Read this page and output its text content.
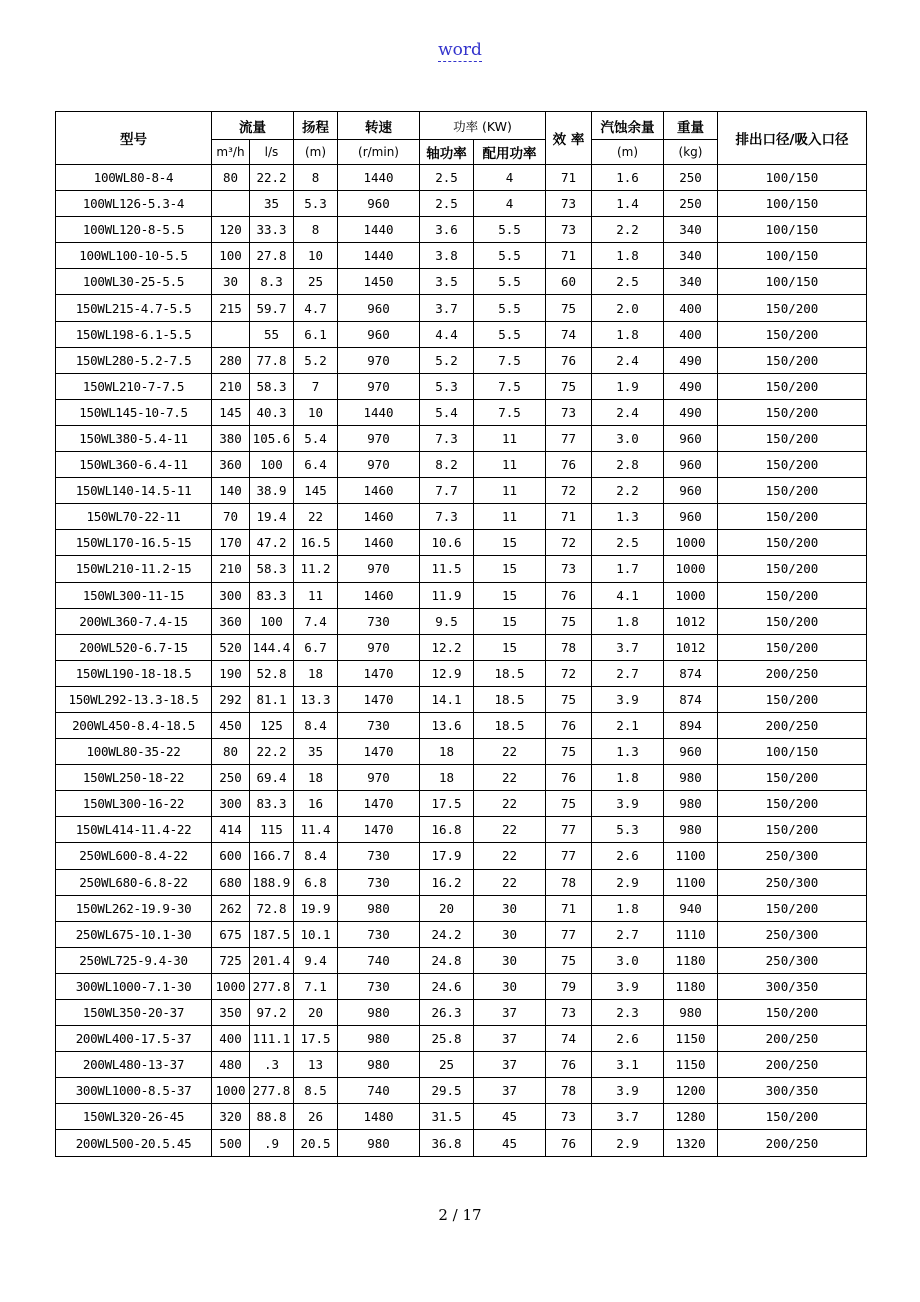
word
型号	流量		扬程	转速	功率 (KW)		效 率	汽蚀余量	重量	排出口径/吸入口径
	m³/h	l/s	(m)	(r/min)	轴功率	配用功率		(m)	(kg)	
100WL80-8-4	80	22.2	8	1440	2.5	4	71	1.6	250	100/150
100WL126-5.3-4		35	5.3	960	2.5	4	73	1.4	250	100/150
100WL120-8-5.5	120	33.3	8	1440	3.6	5.5	73	2.2	340	100/150
100WL100-10-5.5	100	27.8	10	1440	3.8	5.5	71	1.8	340	100/150
100WL30-25-5.5	30	8.3	25	1450	3.5	5.5	60	2.5	340	100/150
150WL215-4.7-5.5	215	59.7	4.7	960	3.7	5.5	75	2.0	400	150/200
150WL198-6.1-5.5		55	6.1	960	4.4	5.5	74	1.8	400	150/200
150WL280-5.2-7.5	280	77.8	5.2	970	5.2	7.5	76	2.4	490	150/200
150WL210-7-7.5	210	58.3	7	970	5.3	7.5	75	1.9	490	150/200
150WL145-10-7.5	145	40.3	10	1440	5.4	7.5	73	2.4	490	150/200
150WL380-5.4-11	380	105.6	5.4	970	7.3	11	77	3.0	960	150/200
150WL360-6.4-11	360	100	6.4	970	8.2	11	76	2.8	960	150/200
150WL140-14.5-11	140	38.9	145	1460	7.7	11	72	2.2	960	150/200
150WL70-22-11	70	19.4	22	1460	7.3	11	71	1.3	960	150/200
150WL170-16.5-15	170	47.2	16.5	1460	10.6	15	72	2.5	1000	150/200
150WL210-11.2-15	210	58.3	11.2	970	11.5	15	73	1.7	1000	150/200
150WL300-11-15	300	83.3	11	1460	11.9	15	76	4.1	1000	150/200
200WL360-7.4-15	360	100	7.4	730	9.5	15	75	1.8	1012	150/200
200WL520-6.7-15	520	144.4	6.7	970	12.2	15	78	3.7	1012	150/200
150WL190-18-18.5	190	52.8	18	1470	12.9	18.5	72	2.7	874	200/250
150WL292-13.3-18.5	292	81.1	13.3	1470	14.1	18.5	75	3.9	874	150/200
200WL450-8.4-18.5	450	125	8.4	730	13.6	18.5	76	2.1	894	200/250
100WL80-35-22	80	22.2	35	1470	18	22	75	1.3	960	100/150
150WL250-18-22	250	69.4	18	970	18	22	76	1.8	980	150/200
150WL300-16-22	300	83.3	16	1470	17.5	22	75	3.9	980	150/200
150WL414-11.4-22	414	115	11.4	1470	16.8	22	77	5.3	980	150/200
250WL600-8.4-22	600	166.7	8.4	730	17.9	22	77	2.6	1100	250/300
250WL680-6.8-22	680	188.9	6.8	730	16.2	22	78	2.9	1100	250/300
150WL262-19.9-30	262	72.8	19.9	980	20	30	71	1.8	940	150/200
250WL675-10.1-30	675	187.5	10.1	730	24.2	30	77	2.7	1110	250/300
250WL725-9.4-30	725	201.4	9.4	740	24.8	30	75	3.0	1180	250/300
300WL1000-7.1-30	1000	277.8	7.1	730	24.6	30	79	3.9	1180	300/350
150WL350-20-37	350	97.2	20	980	26.3	37	73	2.3	980	150/200
200WL400-17.5-37	400	111.1	17.5	980	25.8	37	74	2.6	1150	200/250
200WL480-13-37	480	.3	13	980	25	37	76	3.1	1150	200/250
300WL1000-8.5-37	1000	277.8	8.5	740	29.5	37	78	3.9	1200	300/350
150WL320-26-45	320	88.8	26	1480	31.5	45	73	3.7	1280	150/200
200WL500-20.5.45	500	.9	20.5	980	36.8	45	76	2.9	1320	200/250
2 / 17
